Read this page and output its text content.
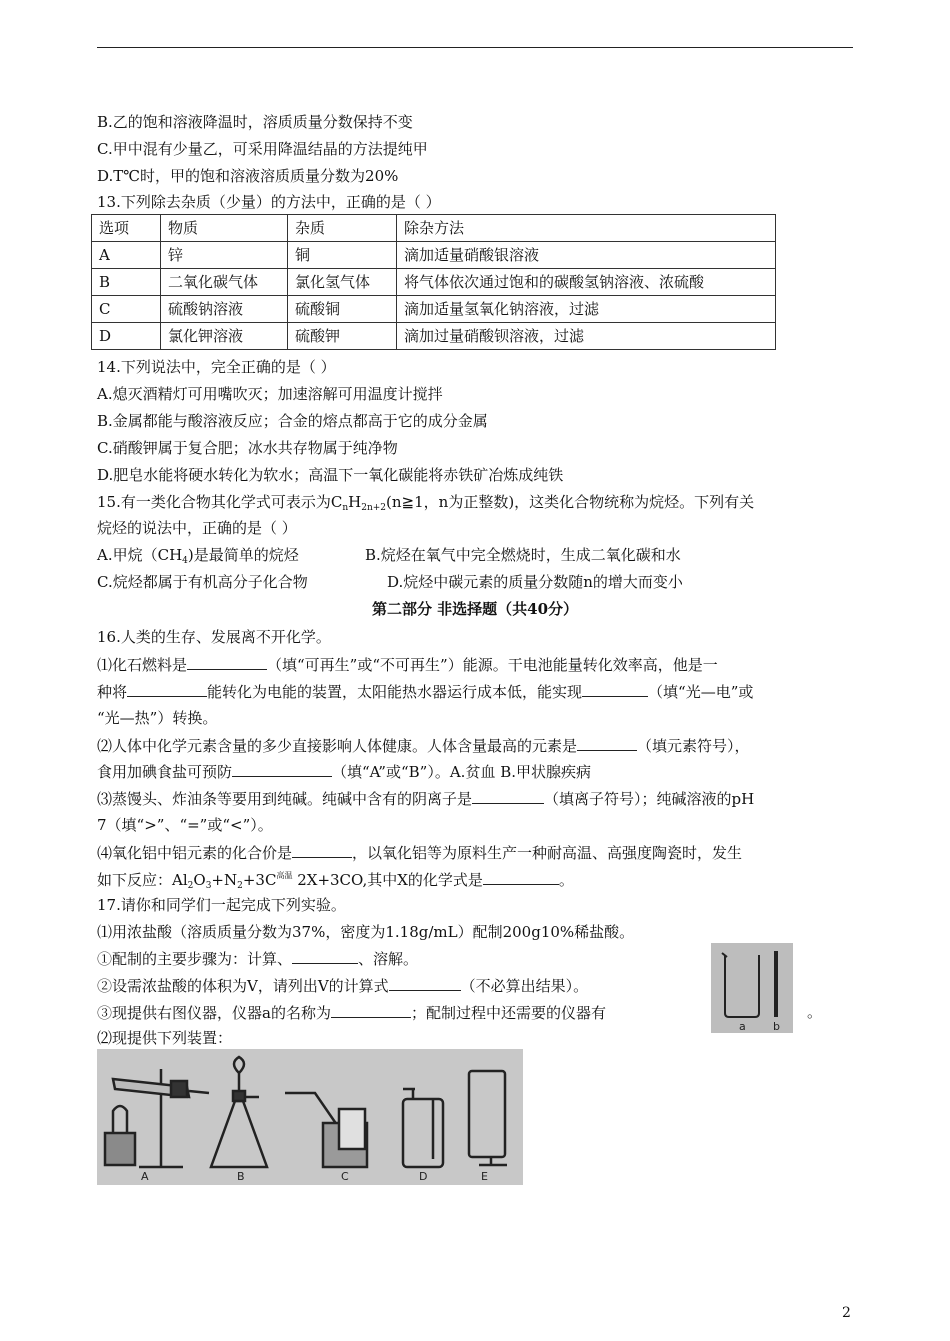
B.乙的饱和溶液降温时，溶质质量分数保持不变
C.甲中混有少量乙，可采用降温结晶的方法提纯甲
D.T℃时，甲的饱和溶液溶质质量分数为20%
13.下列除去杂质（少量）的方法中，正确的是（ ）
选项	物质	杂质	除杂方法
A	锌	铜	滴加适量硝酸银溶液
B	二氧化碳气体	氯化氢气体	将气体依次通过饱和的碳酸氢钠溶液、浓硫酸
C	硫酸钠溶液	硫酸铜	滴加适量氢氧化钠溶液，过滤
D	氯化钾溶液	硫酸钾	滴加过量硝酸钡溶液，过滤
14.下列说法中，完全正确的是（ ）
A.熄灭酒精灯可用嘴吹灭；加速溶解可用温度计搅拌
B.金属都能与酸溶液反应；合金的熔点都高于它的成分金属
C.硝酸钾属于复合肥；冰水共存物属于纯净物
D.肥皂水能将硬水转化为软水；高温下一氧化碳能将赤铁矿冶炼成纯铁
15.有一类化合物其化学式可表示为$C_nH_{2n+2}(n≧1$，n为正整数)，这类化合物统称为烷烃。下列有关
烷烃的说法中，正确的是（ ）
A.甲烷$(CH_4)$是最简单的烷烃	B.烷烃在氧气中完全燃烧时，生成二氧化碳和水
C.烷烃都属于有机高分子化合物	D.烷烃中碳元素的质量分数随n的增大而变小
第二部分 非选择题（共40分）
16.人类的生存、发展离不开化学。
⑴化石燃料是	（填“可再生”或“不可再生”）能源。干电池能量转化效率高，他是一
种将	能转化为电能的装置，太阳能热水器运行成本低，能实现	（填“光—电”或
“光—热”）转换。
⑵人体中化学元素含量的多少直接影响人体健康。人体含量最高的元素是	（填元素符号），
食用加碘食盐可预防	（填“A”或“B”）。A.贫血 B.甲状腺疾病
⑶蒸馒头、炸油条等要用到纯碱。纯碱中含有的阴离子是	（填离子符号）；纯碱溶液的pH
7（填“>”、“=”或“<”）。
⑷氧化铝中铝元素的化合价是	，以氧化铝等为原料生产一种耐高温、高强度陶瓷时，发生
如下反应：$Al_2O_3+N_2+3C^{高温}$ 2X+3CO,其中X的化学式是	。
17.请你和同学们一起完成下列实验。
⑴用浓盐酸（溶质质量分数为37%，密度为1.18g/mL）配制200g10%稀盐酸。
①配制的主要步骤为：计算、	、溶解。
②设需浓盐酸的体积为V，请列出V的计算式	（不必算出结果）。
③现提供右图仪器，仪器a的名称为	；配制过程中还需要的仪器有	。
a b
⑵现提供下列装置：
A	B	C	D	E
2
